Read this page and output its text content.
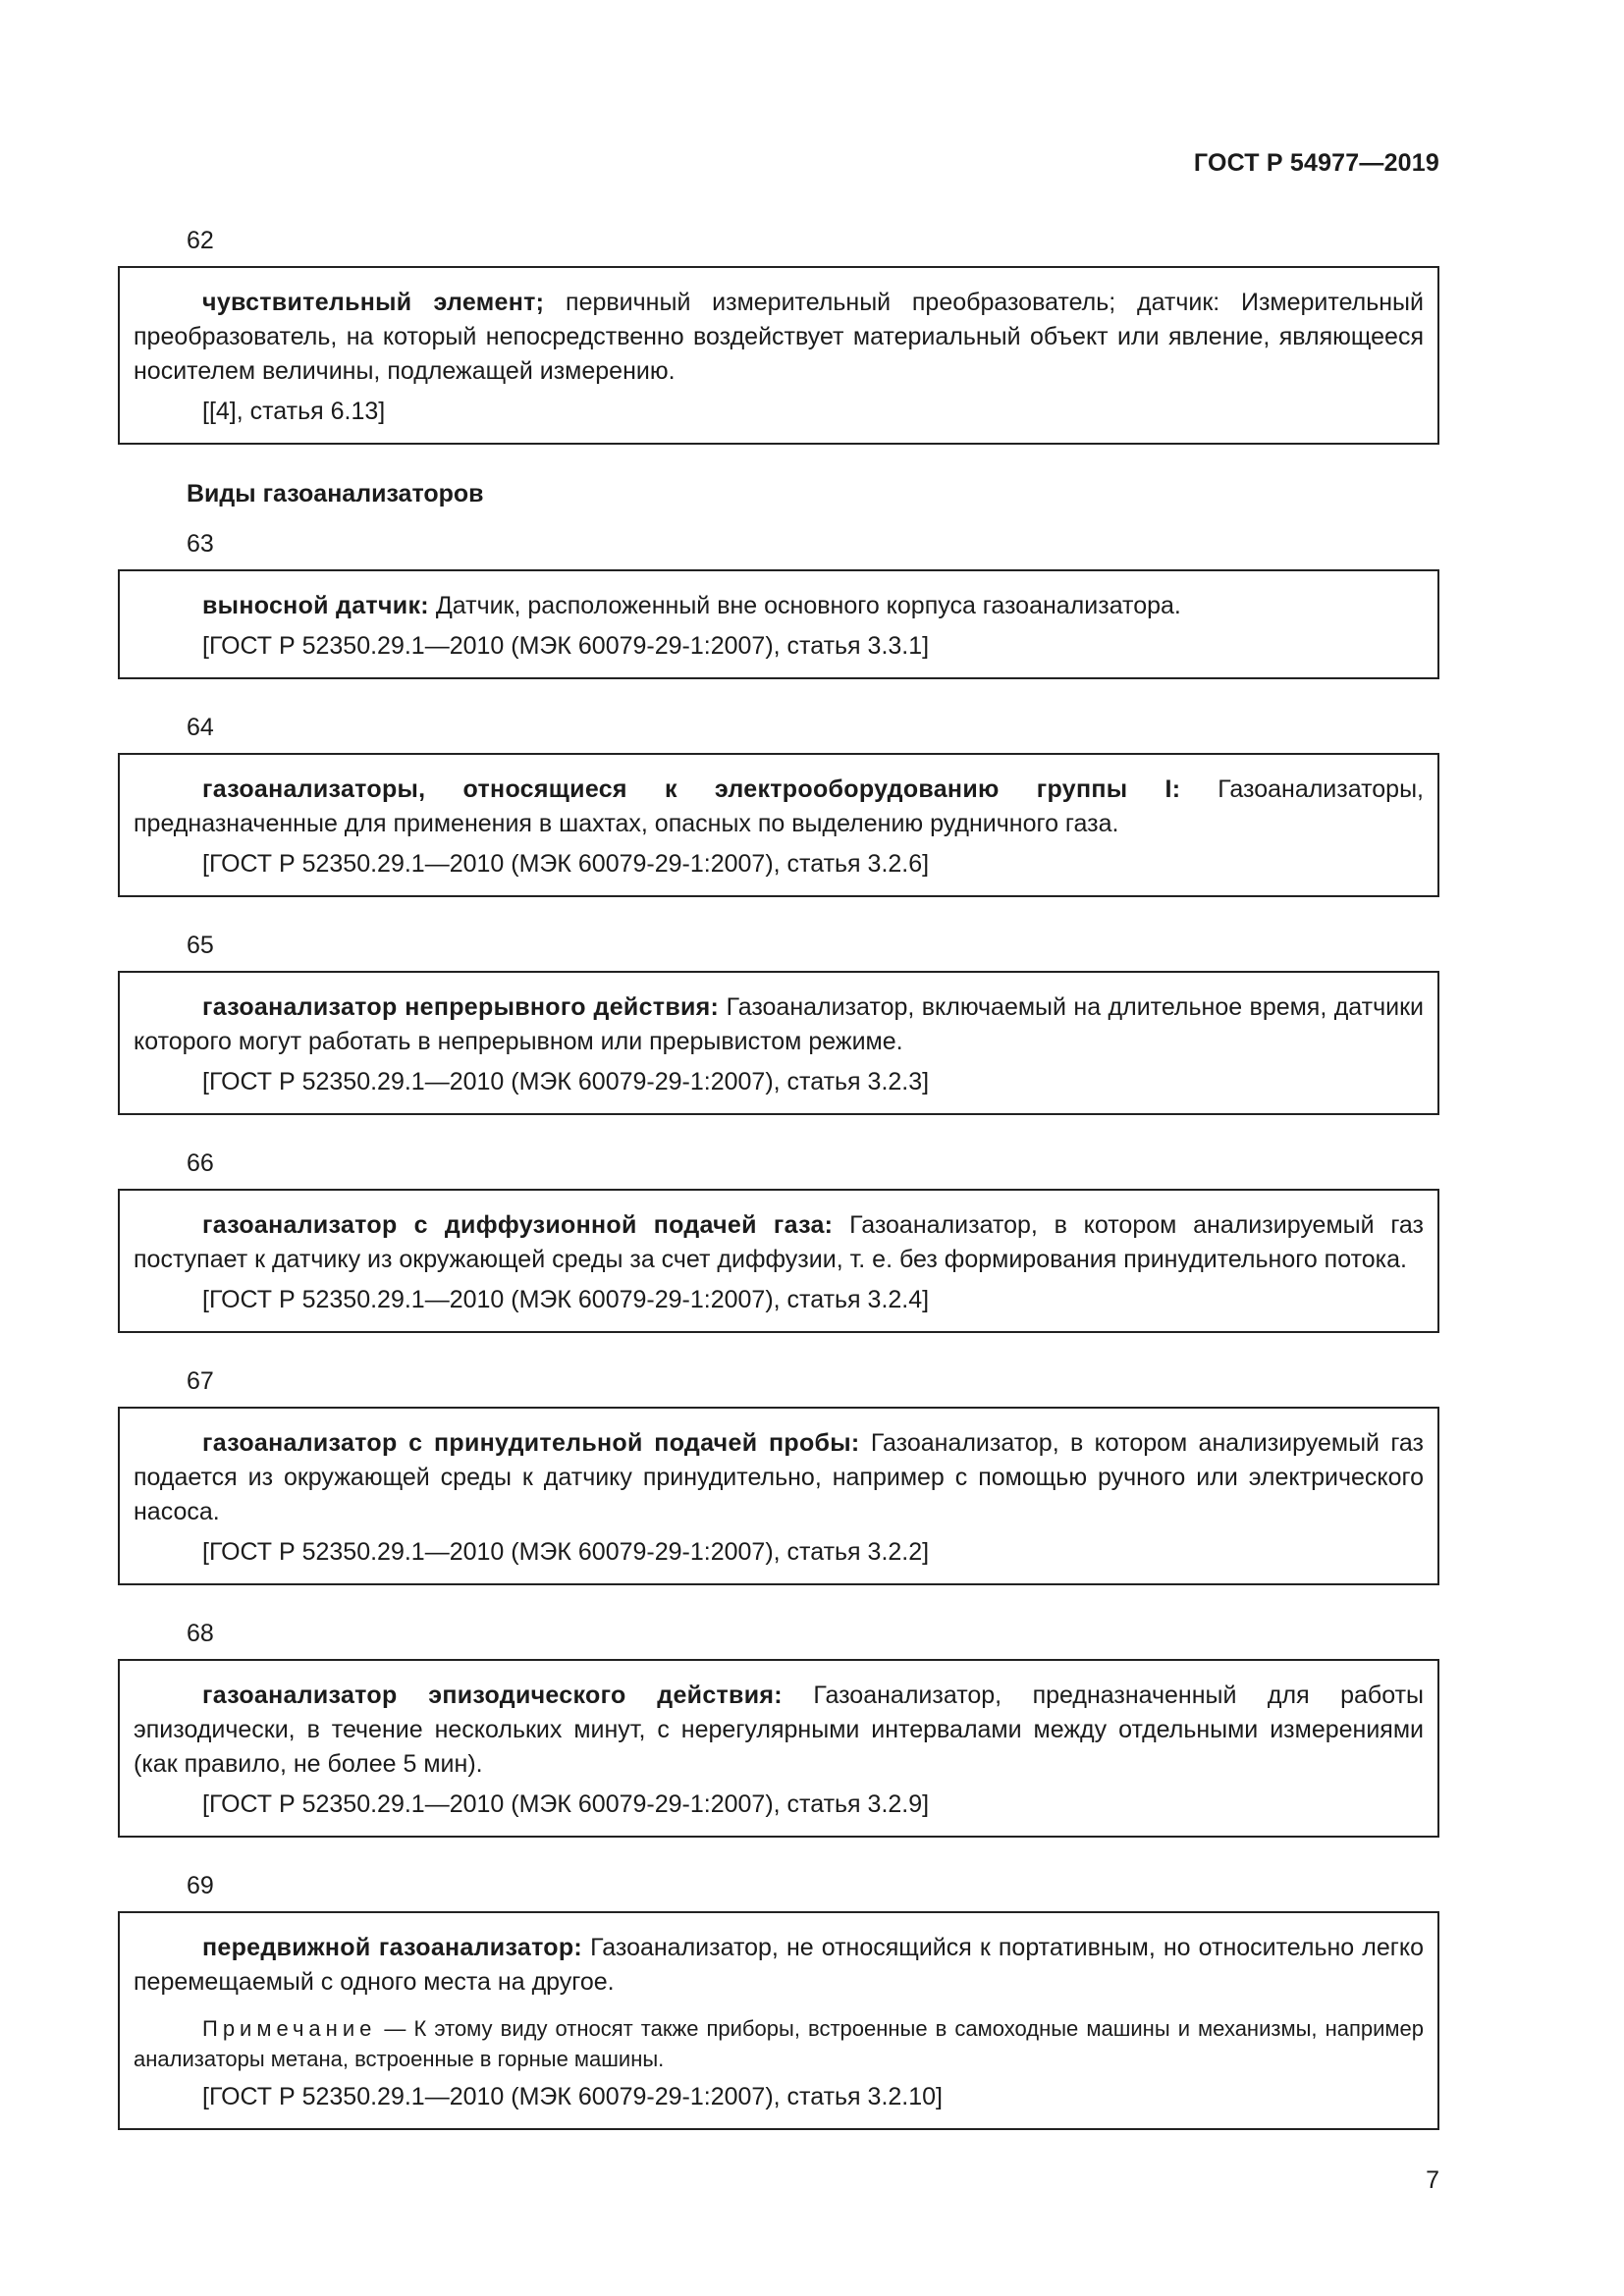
ГОСТ Р 54977—2019
62

чувствительный элемент; первичный измерительный преобразователь; датчик: Измерительный преобразователь, на который непосредственно воздействует материальный объект или явление, являющееся носителем величины, подлежащей измерению.

[[4], статья 6.13]

Виды газоанализаторов
63

выносной датчик: Датчик, расположенный вне основного корпуса газоанализатора.

[ГОСТ Р 52350.29.1—2010 (МЭК 60079-29-1:2007), статья 3.3.1]

64

газоанализаторы, относящиеся к электрооборудованию группы I: Газоанализаторы, предназначенные для применения в шахтах, опасных по выделению рудничного газа.

[ГОСТ Р 52350.29.1—2010 (МЭК 60079-29-1:2007), статья 3.2.6]

65

газоанализатор непрерывного действия: Газоанализатор, включаемый на длительное время, датчики которого могут работать в непрерывном или прерывистом режиме.

[ГОСТ Р 52350.29.1—2010 (МЭК 60079-29-1:2007), статья 3.2.3]

66

газоанализатор с диффузионной подачей газа: Газоанализатор, в котором анализируемый газ поступает к датчику из окружающей среды за счет диффузии, т. е. без формирования принудительного потока.

[ГОСТ Р 52350.29.1—2010 (МЭК 60079-29-1:2007), статья 3.2.4]

67

газоанализатор с принудительной подачей пробы: Газоанализатор, в котором анализируемый газ подается из окружающей среды к датчику принудительно, например с помощью ручного или электрического насоса.

[ГОСТ Р 52350.29.1—2010 (МЭК 60079-29-1:2007), статья 3.2.2]

68

газоанализатор эпизодического действия: Газоанализатор, предназначенный для работы эпизодически, в течение нескольких минут, с нерегулярными интервалами между отдельными измерениями (как правило, не более 5 мин).

[ГОСТ Р 52350.29.1—2010 (МЭК 60079-29-1:2007), статья 3.2.9]

69

передвижной газоанализатор: Газоанализатор, не относящийся к портативным, но относительно легко перемещаемый с одного места на другое.

Примечание — К этому виду относят также приборы, встроенные в самоходные машины и механизмы, например анализаторы метана, встроенные в горные машины.

[ГОСТ Р 52350.29.1—2010 (МЭК 60079-29-1:2007), статья 3.2.10]

7
